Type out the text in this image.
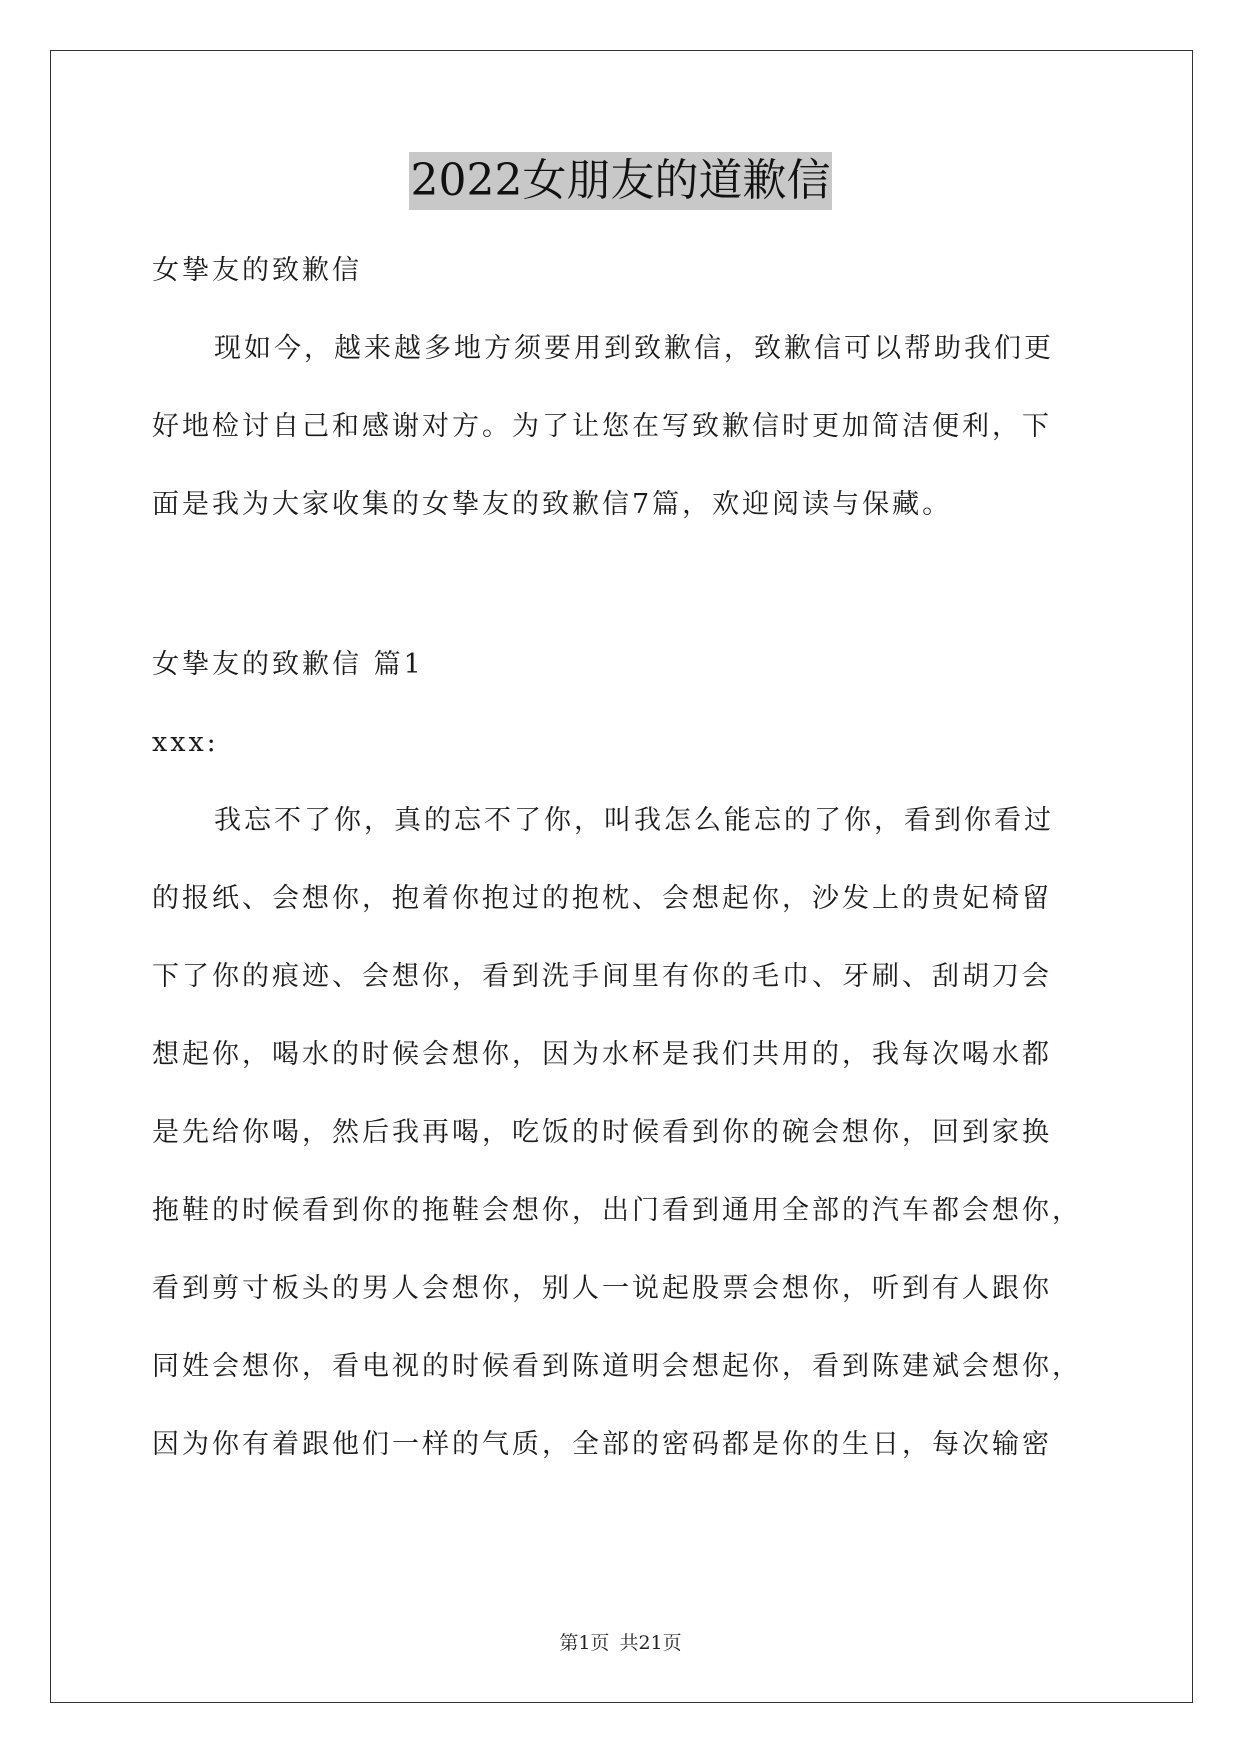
2022女朋友的道歉信
女挚友的致歉信
现如今，越来越多地方须要用到致歉信，致歉信可以帮助我们更
好地检讨自己和感谢对方。为了让您在写致歉信时更加简洁便利，下
面是我为大家收集的女挚友的致歉信7篇，欢迎阅读与保藏。
女挚友的致歉信 篇1
xxx:
我忘不了你，真的忘不了你，叫我怎么能忘的了你，看到你看过
的报纸、会想你，抱着你抱过的抱枕、会想起你，沙发上的贵妃椅留
下了你的痕迹、会想你，看到洗手间里有你的毛巾、牙刷、刮胡刀会
想起你，喝水的时候会想你，因为水杯是我们共用的，我每次喝水都
是先给你喝，然后我再喝，吃饭的时候看到你的碗会想你，回到家换
拖鞋的时候看到你的拖鞋会想你，出门看到通用全部的汽车都会想你，
看到剪寸板头的男人会想你，别人一说起股票会想你，听到有人跟你
同姓会想你，看电视的时候看到陈道明会想起你，看到陈建斌会想你，
因为你有着跟他们一样的气质，全部的密码都是你的生日，每次输密
第1页 共21页
